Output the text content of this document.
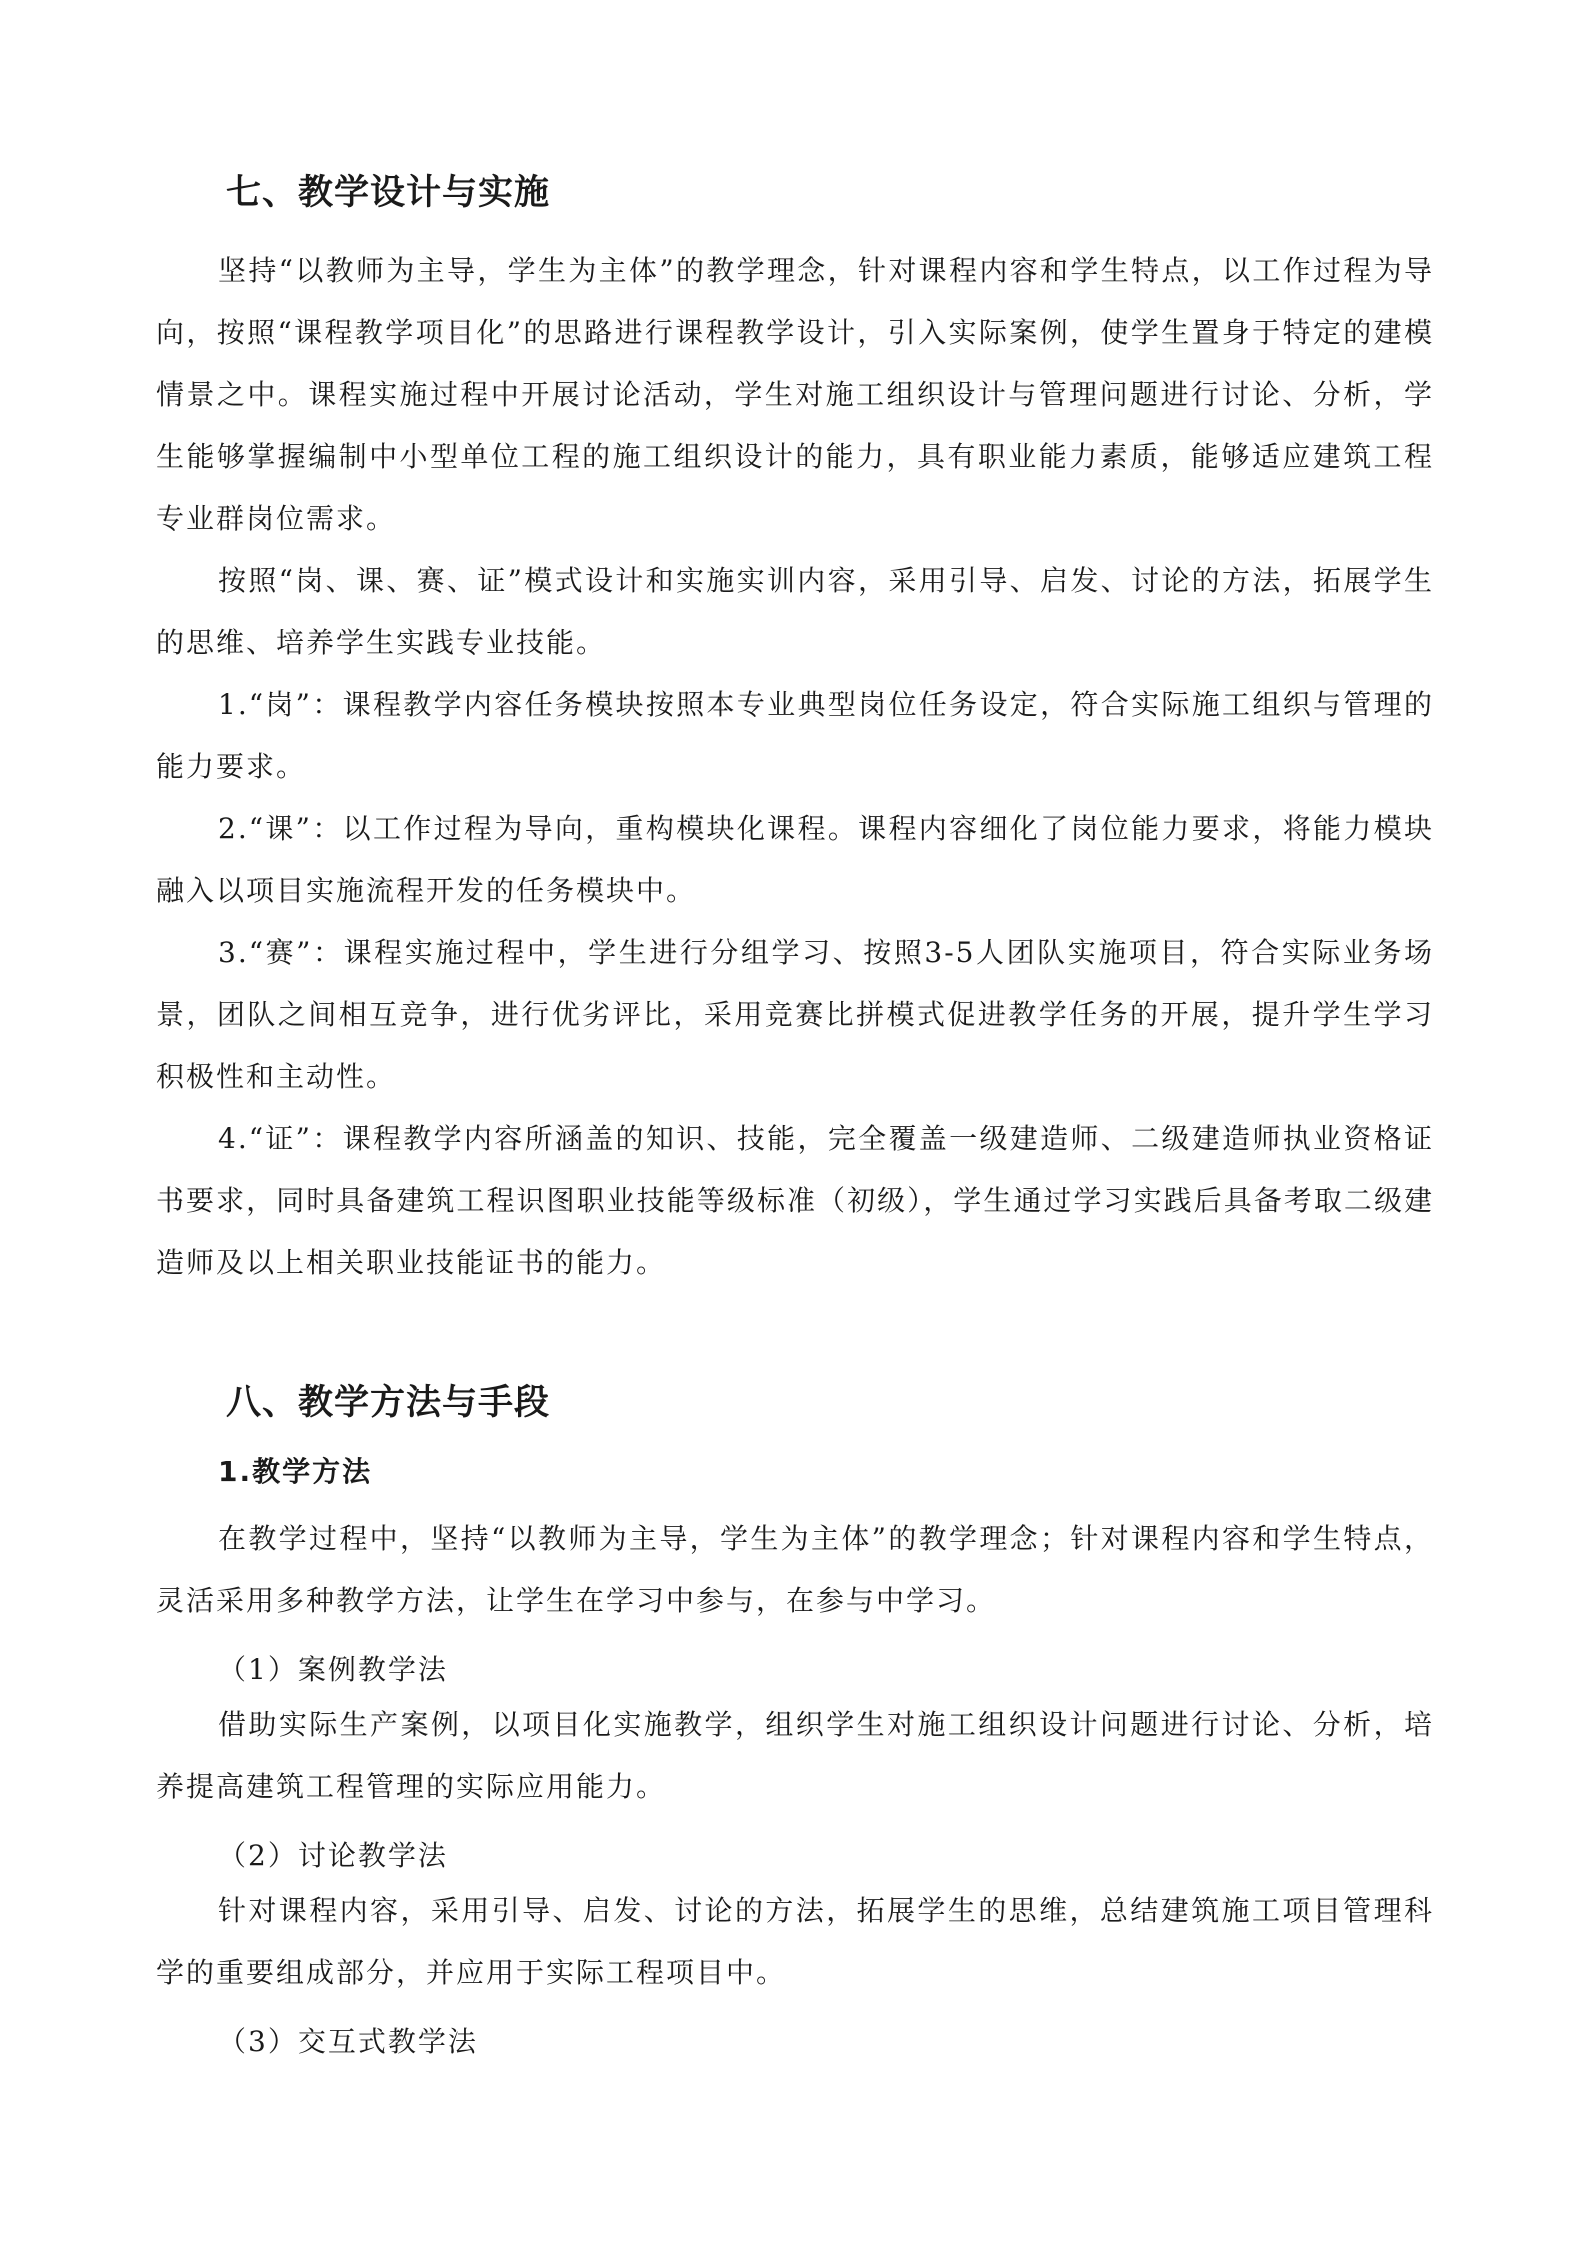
七、教学设计与实施

坚持“以教师为主导，学生为主体”的教学理念，针对课程内容和学生特点，以工作过程为导向，按照“课程教学项目化”的思路进行课程教学设计，引入实际案例，使学生置身于特定的建模情景之中。课程实施过程中开展讨论活动，学生对施工组织设计与管理问题进行讨论、分析，学生能够掌握编制中小型单位工程的施工组织设计的能力，具有职业能力素质，能够适应建筑工程专业群岗位需求。

按照“岗、课、赛、证”模式设计和实施实训内容，采用引导、启发、讨论的方法，拓展学生的思维、培养学生实践专业技能。

1.“岗”：课程教学内容任务模块按照本专业典型岗位任务设定，符合实际施工组织与管理的能力要求。

2.“课”：以工作过程为导向，重构模块化课程。课程内容细化了岗位能力要求，将能力模块融入以项目实施流程开发的任务模块中。

3.“赛”：课程实施过程中，学生进行分组学习、按照3-5人团队实施项目，符合实际业务场景，团队之间相互竞争，进行优劣评比，采用竞赛比拼模式促进教学任务的开展，提升学生学习积极性和主动性。

4.“证”：课程教学内容所涵盖的知识、技能，完全覆盖一级建造师、二级建造师执业资格证书要求，同时具备建筑工程识图职业技能等级标准（初级），学生通过学习实践后具备考取二级建造师及以上相关职业技能证书的能力。

八、教学方法与手段
1.教学方法

在教学过程中，坚持“以教师为主导，学生为主体”的教学理念；针对课程内容和学生特点，灵活采用多种教学方法，让学生在学习中参与，在参与中学习。

（1）案例教学法

借助实际生产案例，以项目化实施教学，组织学生对施工组织设计问题进行讨论、分析，培养提高建筑工程管理的实际应用能力。

（2）讨论教学法

针对课程内容，采用引导、启发、讨论的方法，拓展学生的思维，总结建筑施工项目管理科学的重要组成部分，并应用于实际工程项目中。

（3）交互式教学法
